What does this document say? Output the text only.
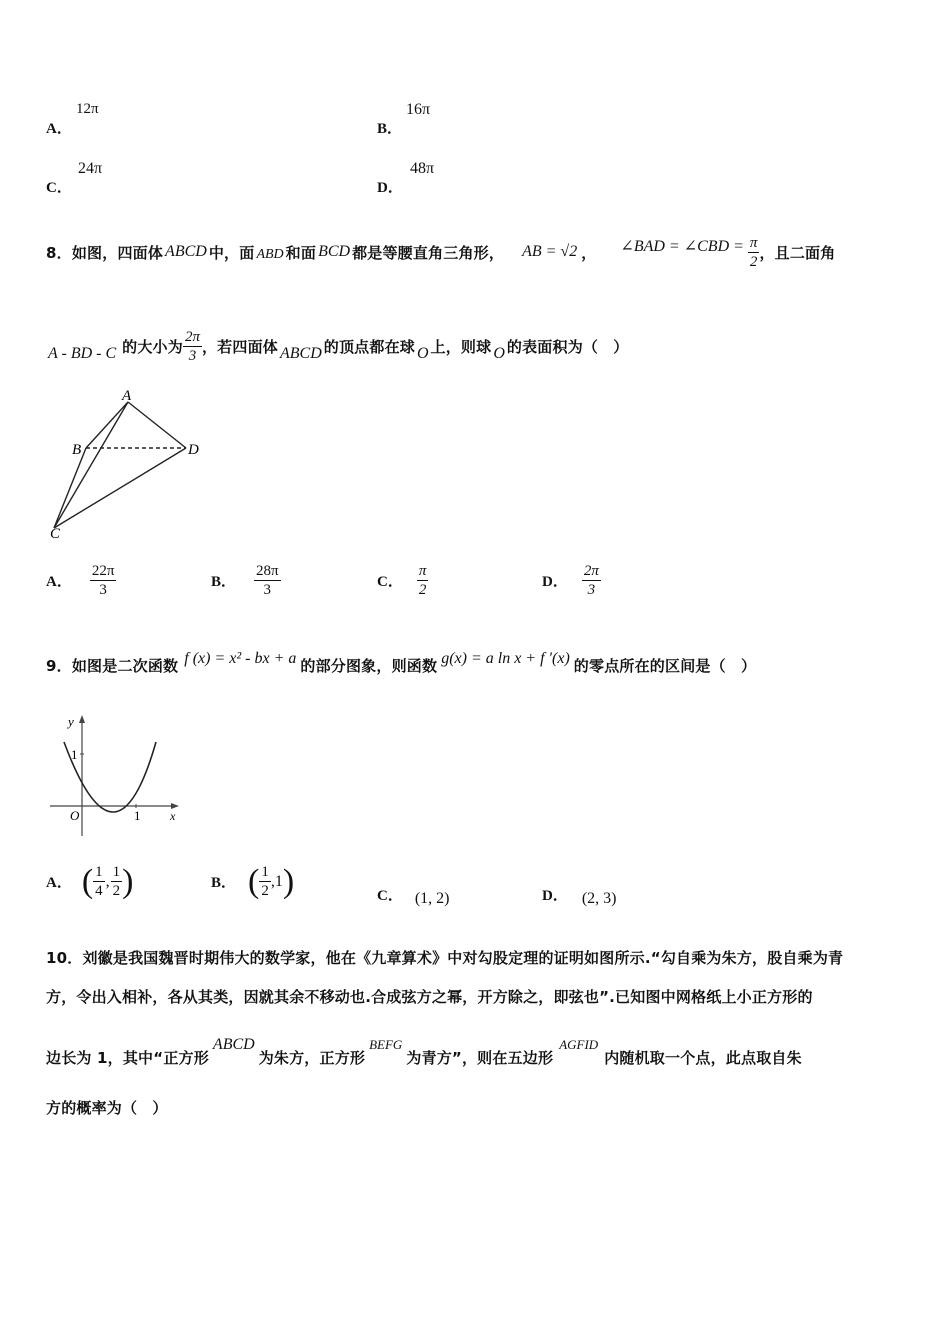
A．
12π
B．
16π
C．
24π
D．
48π
8． 如图，四面体 ABCD 中，面 ABD 和面 BCD 都是等腰直角三角形， AB = √2 ， ∠BAD = ∠CBD = $\frac{\pi}{2}$ ，且二面角
A - BD - C 的大小为 $\frac{2\pi}{3}$ ，若四面体 ABCD 的顶点都在球 O 上，则球 O 的表面积为（　）
A
B
C
D
A． $\frac{22\pi}{3}$	B． $\frac{28\pi}{3}$	C． $\frac{\pi}{2}$	D． $\frac{2\pi}{3}$
9． 如图是二次函数 f (x) = x² - bx + a 的部分图象，则函数 g(x) = a ln x + f ′(x) 的零点所在的区间是（　）
y
x
O
1
1
A． ( $\frac{1}{4}$ , $\frac{1}{2}$ )	B． ( $\frac{1}{2} ,1$ )	C． (1, 2)	D． (2, 3)
10．刘徽是我国魏晋时期伟大的数学家，他在《九章算术》中对勾股定理的证明如图所示.“勾自乘为朱方，股自乘为青
方，令出入相补，各从其类，因就其余不移动也.合成弦方之幂，开方除之，即弦也”.已知图中网格纸上小正方形的
边长为 1，其中“正方形
ABCD
为朱方，正方形
BEFG
为青方”，则在五边形
AGFID
内随机取一个点，此点取自朱
方的概率为（　）
